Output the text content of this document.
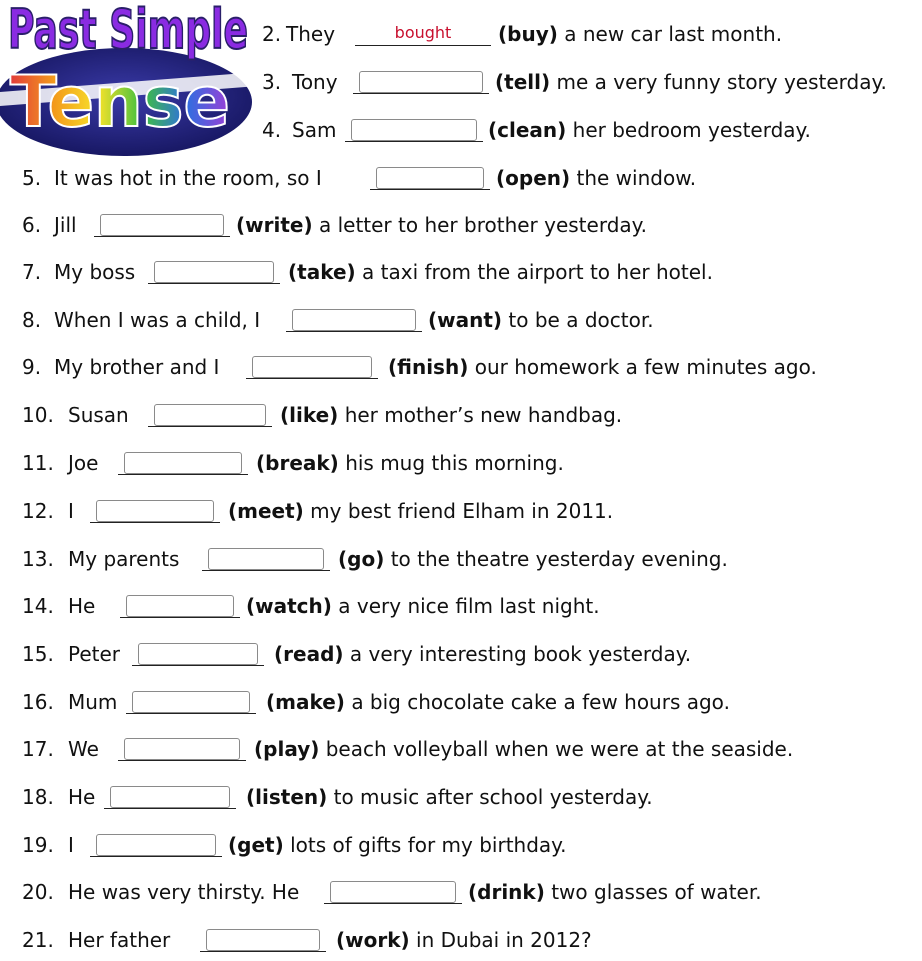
Past Simple
Tense
2. They	bought	(buy) a new car last month.
3. Tony	(tell) me a very funny story yesterday.
4. Sam	(clean) her bedroom yesterday.
5. It was hot in the room, so I	(open) the window.
6. Jill	(write) a letter to her brother yesterday.
7. My boss	(take) a taxi from the airport to her hotel.
8. When I was a child, I	(want) to be a doctor.
9. My brother and I	(finish) our homework a few minutes ago.
10. Susan	(like) her mother’s new handbag.
11. Joe	(break) his mug this morning.
12. I	(meet) my best friend Elham in 2011.
13. My parents	(go) to the theatre yesterday evening.
14. He	(watch) a very nice film last night.
15. Peter	(read) a very interesting book yesterday.
16. Mum	(make) a big chocolate cake a few hours ago.
17. We	(play) beach volleyball when we were at the seaside.
18. He	(listen) to music after school yesterday.
19. I	(get) lots of gifts for my birthday.
20. He was very thirsty. He	(drink) two glasses of water.
21. Her father	(work) in Dubai in 2012?
